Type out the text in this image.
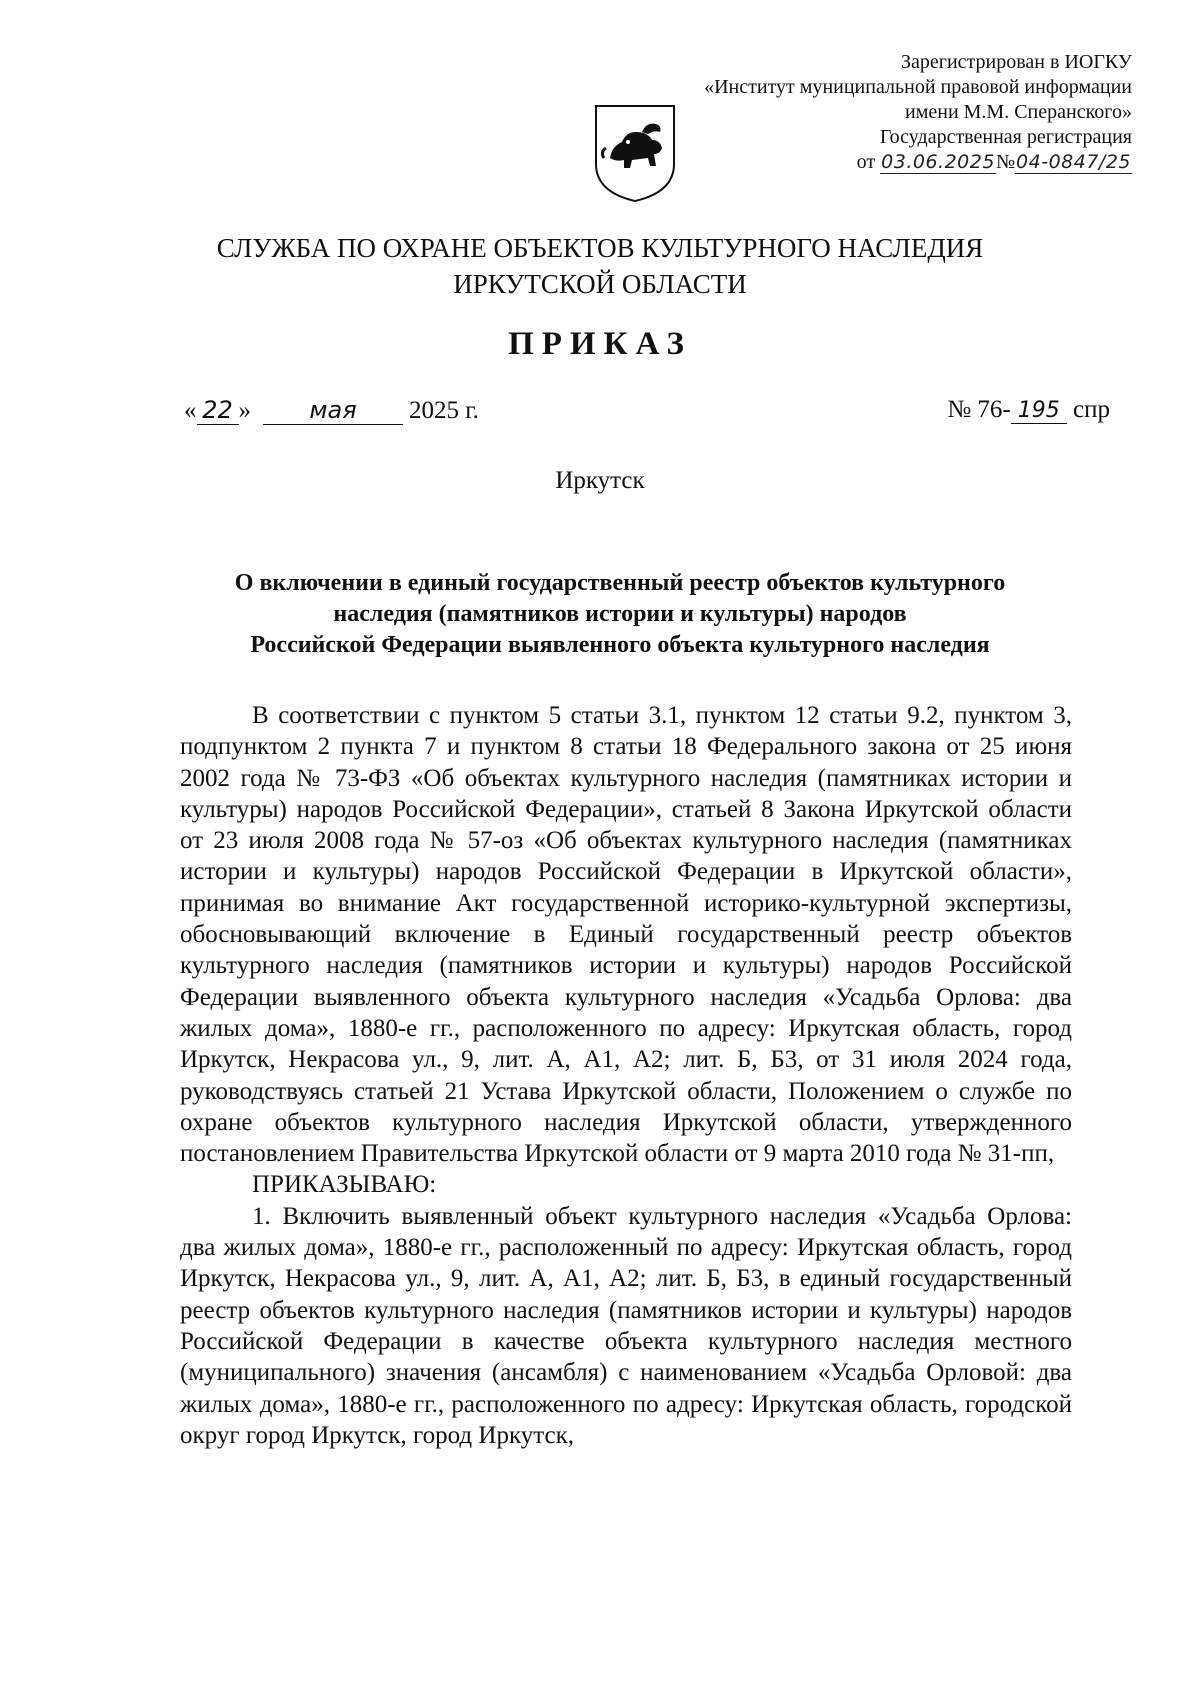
Зарегистрирован в ИОГКУ
«Институт муниципальной правовой информации
имени М.М. Сперанского»
Государственная регистрация
от 03.06.2025№04-0847/25
СЛУЖБА ПО ОХРАНЕ ОБЪЕКТОВ КУЛЬТУРНОГО НАСЛЕДИЯ
ИРКУТСКОЙ ОБЛАСТИ
ПРИКАЗ
« 22 » мая 2025 г.	№ 76- 195 спр
Иркутск
О включении в единый государственный реестр объектов культурного
наследия (памятников истории и культуры) народов
Российской Федерации выявленного объекта культурного наследия

В соответствии с пунктом 5 статьи 3.1, пунктом 12 статьи 9.2, пунктом 3, подпунктом 2 пункта 7 и пунктом 8 статьи 18 Федерального закона от 25 июня 2002 года № 73-ФЗ «Об объектах культурного наследия (памятниках истории и культуры) народов Российской Федерации», статьей 8 Закона Иркутской области от 23 июля 2008 года № 57-оз «Об объектах культурного наследия (памятниках истории и культуры) народов Российской Федерации в Иркутской области», принимая во внимание Акт государственной историко-культурной экспертизы, обосновывающий включение в Единый государственный реестр объектов культурного наследия (памятников истории и культуры) народов Российской Федерации выявленного объекта культурного наследия «Усадьба Орлова: два жилых дома», 1880-е гг., расположенного по адресу: Иркутская область, город Иркутск, Некрасова ул., 9, лит. А, А1, А2; лит. Б, Б3, от 31 июля 2024 года, руководствуясь статьей 21 Устава Иркутской области, Положением о службе по охране объектов культурного наследия Иркутской области, утвержденного постановлением Правительства Иркутской области от 9 марта 2010 года № 31-пп,

ПРИКАЗЫВАЮ:

1. Включить выявленный объект культурного наследия «Усадьба Орлова: два жилых дома», 1880-е гг., расположенный по адресу: Иркутская область, город Иркутск, Некрасова ул., 9, лит. А, А1, А2; лит. Б, Б3, в единый государственный реестр объектов культурного наследия (памятников истории и культуры) народов Российской Федерации в качестве объекта культурного наследия местного (муниципального) значения (ансамбля) с наименованием «Усадьба Орловой: два жилых дома», 1880-е гг., расположенного по адресу: Иркутская область, городской округ город Иркутск, город Иркутск,
